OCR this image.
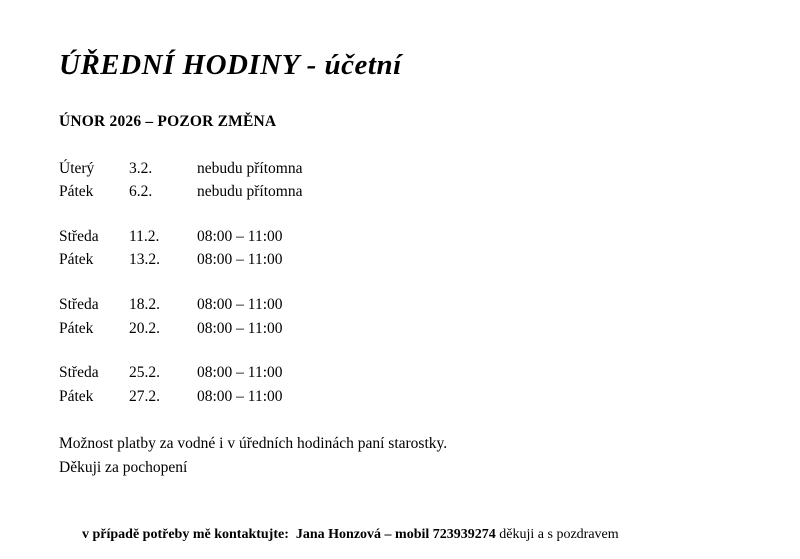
ÚŘEDNÍ HODINY - účetní
ÚNOR 2026 – POZOR ZMĚNA
Úterý	3.2.	nebudu přítomna
Pátek	6.2.	nebudu přítomna
Středa	11.2.	08:00 – 11:00
Pátek	13.2.	08:00 – 11:00
Středa	18.2.	08:00 – 11:00
Pátek	20.2.	08:00 – 11:00
Středa	25.2.	08:00 – 11:00
Pátek	27.2.	08:00 – 11:00
Možnost platby za vodné i v úředních hodinách paní starostky.
Děkuji za pochopení

v případě potřeby mě kontaktujte:  Jana Honzová – mobil 723939274 děkuji a s pozdravem
